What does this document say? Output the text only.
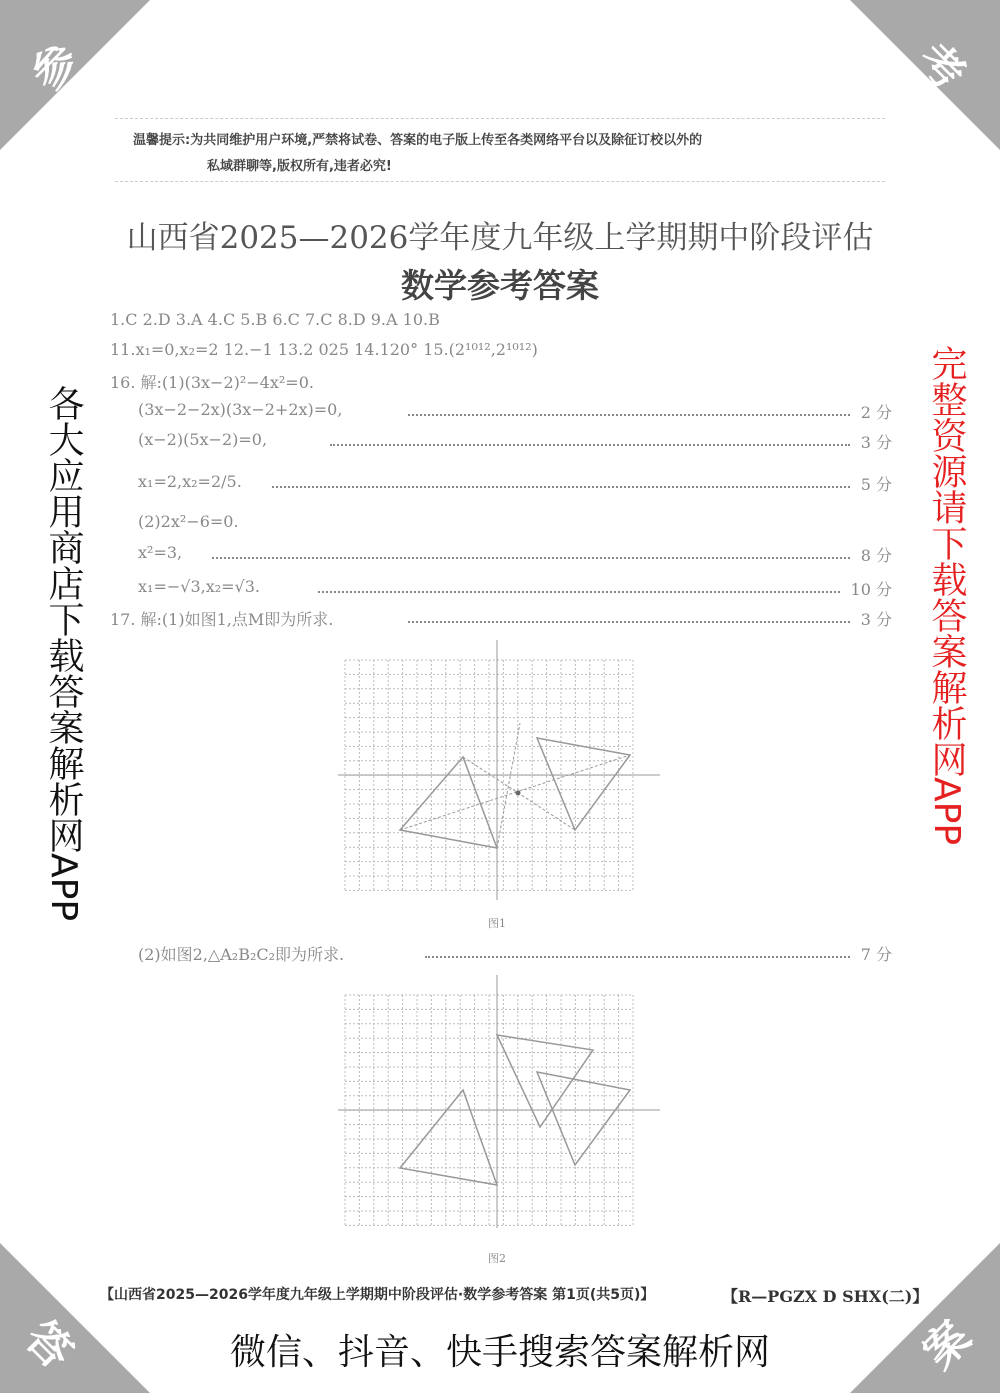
参	考
答	案
温馨提示:为共同维护用户环境,严禁将试卷、答案的电子版上传至各类网络平台以及除征订校以外的
私域群聊等,版权所有,违者必究!
山西省2025—2026学年度九年级上学期期中阶段评估
数学参考答案
1.C 2.D 3.A 4.C 5.B 6.C 7.C 8.D 9.A 10.B
11.x₁=0,x₂=2 12.−1 13.2 025 14.120° 15.(2¹⁰¹²,2¹⁰¹²)
16. 解:(1)(3x−2)²−4x²=0.
(3x−2−2x)(3x−2+2x)=0,	2 分
(x−2)(5x−2)=0,	3 分
x₁=2,x₂=2/5.	5 分
(2)2x²−6=0.
x²=3,	8 分
x₁=−√3,x₂=√3.	10 分
17. 解:(1)如图1,点M即为所求.	3 分
图1
(2)如图2,△A₂B₂C₂即为所求.	7 分
图2
【山西省2025—2026学年度九年级上学期期中阶段评估·数学参考答案 第1页(共5页)】	【R—PGZX D SHX(二)】
各大应用商店下载答案解析网APP	完整资源请下载答案解析网APP
微信、抖音、快手搜索答案解析网
